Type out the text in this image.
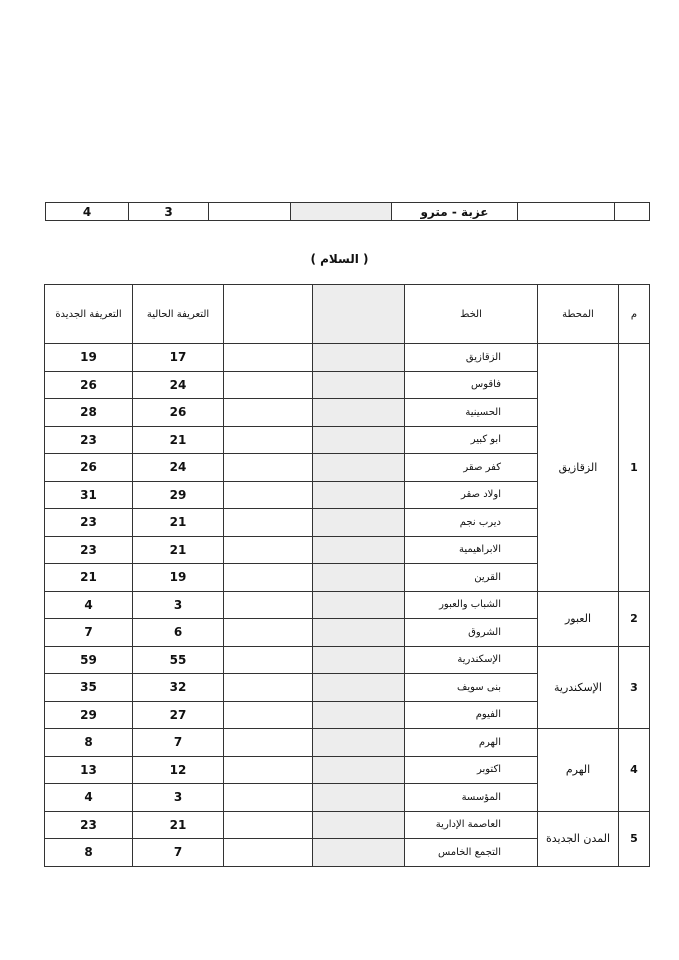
4	3			عزبة - مترو		
( السلام )
التعريفة الجديدة	التعريفة الحالية			الخط	المحطة	م
19	17			الزقازيق	الزقازيق	1
26	24			فاقوس		
28	26			الحسينية		
23	21			ابو كبير		
26	24			كفر صقر		
31	29			اولاد صقر		
23	21			ديرب نجم		
23	21			الابراهيمية		
21	19			القرين		
4	3			الشباب والعبور	العبور	2
7	6			الشروق		
59	55			الإسكندرية	الإسكندرية	3
35	32			بنى سويف		
29	27			الفيوم		
8	7			الهرم	الهرم	4
13	12			اكتوبر		
4	3			المؤسسة		
23	21			العاصمة الإدارية	المدن الجديدة	5
8	7			التجمع الخامس		
